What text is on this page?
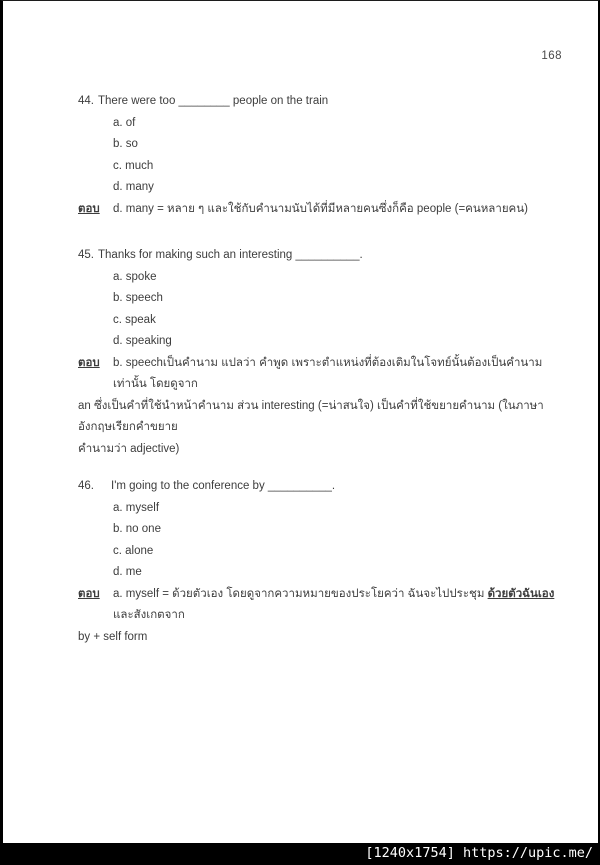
168
44. There were too ________ people on the train
a. of
b. so
c. much
d. many
ตอบ	d. many = หลาย ๆ และใช้กับคำนามนับได้ที่มีหลายคนซึ่งก็คือ people (=คนหลายคน)
45. Thanks for making such an interesting __________.
a. spoke
b. speech
c. speak
d. speaking
ตอบ	b. speechเป็นคำนาม แปลว่า คำพูด เพราะตำแหน่งที่ต้องเติมในโจทย์นั้นต้องเป็นคำนามเท่านั้น โดยดูจาก
an ซึ่งเป็นคำที่ใช้นำหน้าคำนาม ส่วน interesting (=น่าสนใจ) เป็นคำที่ใช้ขยายคำนาม (ในภาษาอังกฤษเรียกคำขยาย
คำนามว่า adjective)
46. I'm going to the conference by __________.
a. myself
b. no one
c. alone
d. me
ตอบ	a. myself = ด้วยตัวเอง โดยดูจากความหมายของประโยคว่า ฉันจะไปประชุม ด้วยตัวฉันเอง และสังเกตจาก
by + self form
[1240x1754] https://upic.me/
